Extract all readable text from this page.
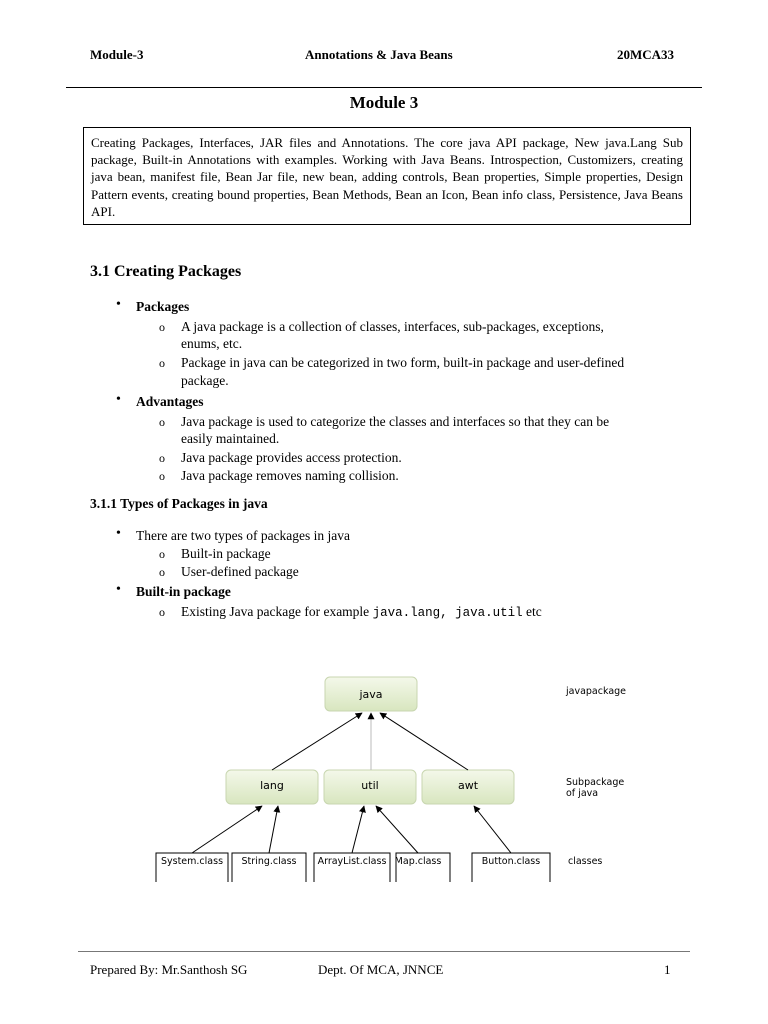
Module-3	Annotations & Java Beans	20MCA33
Module 3
Creating Packages, Interfaces, JAR files and Annotations. The core java API package, New java.Lang Sub package, Built-in Annotations with examples. Working with Java Beans. Introspection, Customizers, creating java bean, manifest file, Bean Jar file, new bean, adding controls, Bean properties, Simple properties, Design Pattern events, creating bound properties, Bean Methods, Bean an Icon, Bean info class, Persistence, Java Beans API.
3.1 Creating Packages
• Packages
o A java package is a collection of classes, interfaces, sub-packages, exceptions,
enums, etc.
o Package in java can be categorized in two form, built-in package and user-defined
package.
• Advantages
o Java package is used to categorize the classes and interfaces so that they can be
easily maintained.
o Java package provides access protection.
o Java package removes naming collision.
3.1.1 Types of Packages in java
• There are two types of packages in java
o Built-in package
o User-defined package
• Built-in package
o Existing Java package for example java.lang, java.util etc
java
lang	util	awt
System.class String.class ArrayList.class Map.class	Button.class
javapackage
Subpackage
of java
classes
Prepared By: Mr.Santhosh SG	Dept. Of MCA, JNNCE	1
